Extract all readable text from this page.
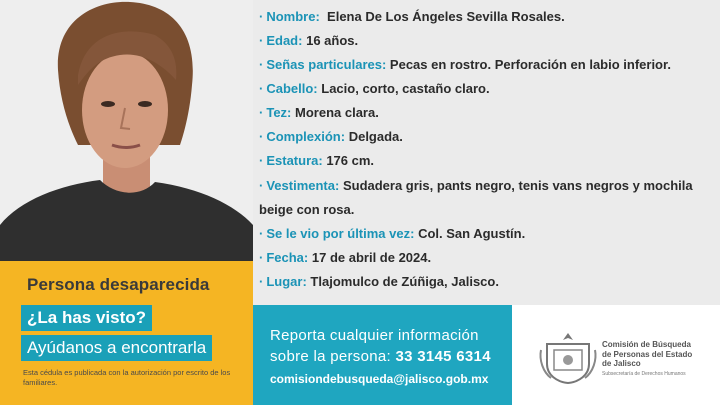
· Nombre: Elena De Los Ángeles Sevilla Rosales.
· Edad: 16 años.
· Señas particulares: Pecas en rostro. Perforación en labio inferior.
· Cabello: Lacio, corto, castaño claro.
· Tez: Morena clara.
· Complexión: Delgada.
· Estatura: 176 cm.
· Vestimenta: Sudadera gris, pants negro, tenis vans negros y mochila
beige con rosa.
· Se le vio por última vez: Col. San Agustín.
· Fecha: 17 de abril de 2024.
· Lugar: Tlajomulco de Zúñiga, Jalisco.
Persona desaparecida
¿La has visto?
Ayúdanos a encontrarla
Esta cédula es publicada con la autorización por escrito de los familiares.
Reporta cualquier información
sobre la persona: 33 3145 6314
comisiondebusqueda@jalisco.gob.mx
Comisión de Búsqueda
de Personas del Estado
de Jalisco
Subsecretaría de Derechos Humanos
